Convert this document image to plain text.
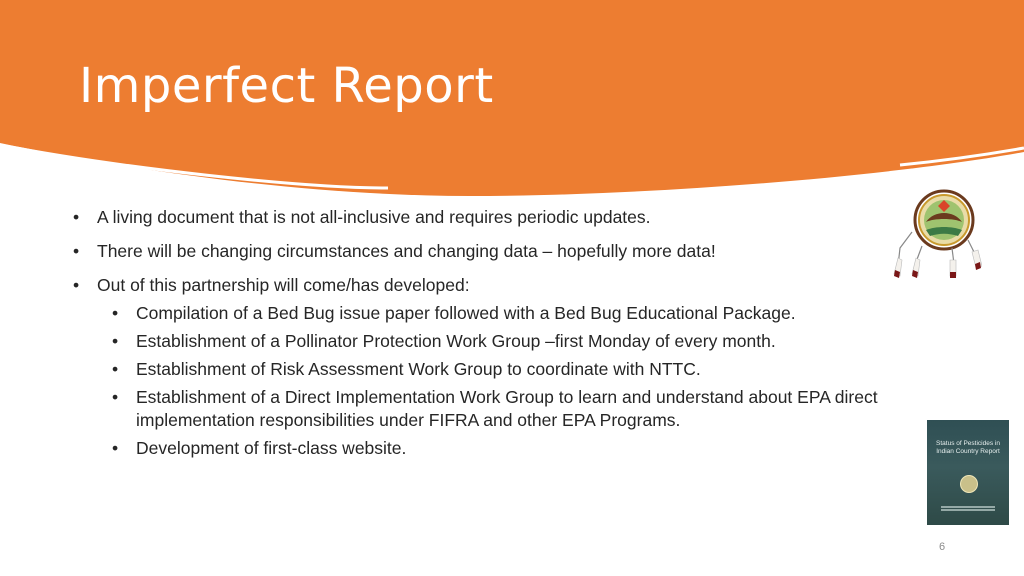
Imperfect Report
• A living document that is not all-inclusive and requires periodic updates.
• There will be changing circumstances and changing data – hopefully more data!
• Out of this partnership will come/has developed:
• Compilation of a Bed Bug issue paper followed with a Bed Bug Educational Package.
• Establishment of a Pollinator Protection Work Group –first Monday of every month.
• Establishment of Risk Assessment Work Group to coordinate with NTTC.
• Establishment of a Direct Implementation Work Group to learn and understand about EPA direct implementation responsibilities under FIFRA and other EPA Programs.
• Development of first-class website.	Status of Pesticides in Indian Country Report
6
